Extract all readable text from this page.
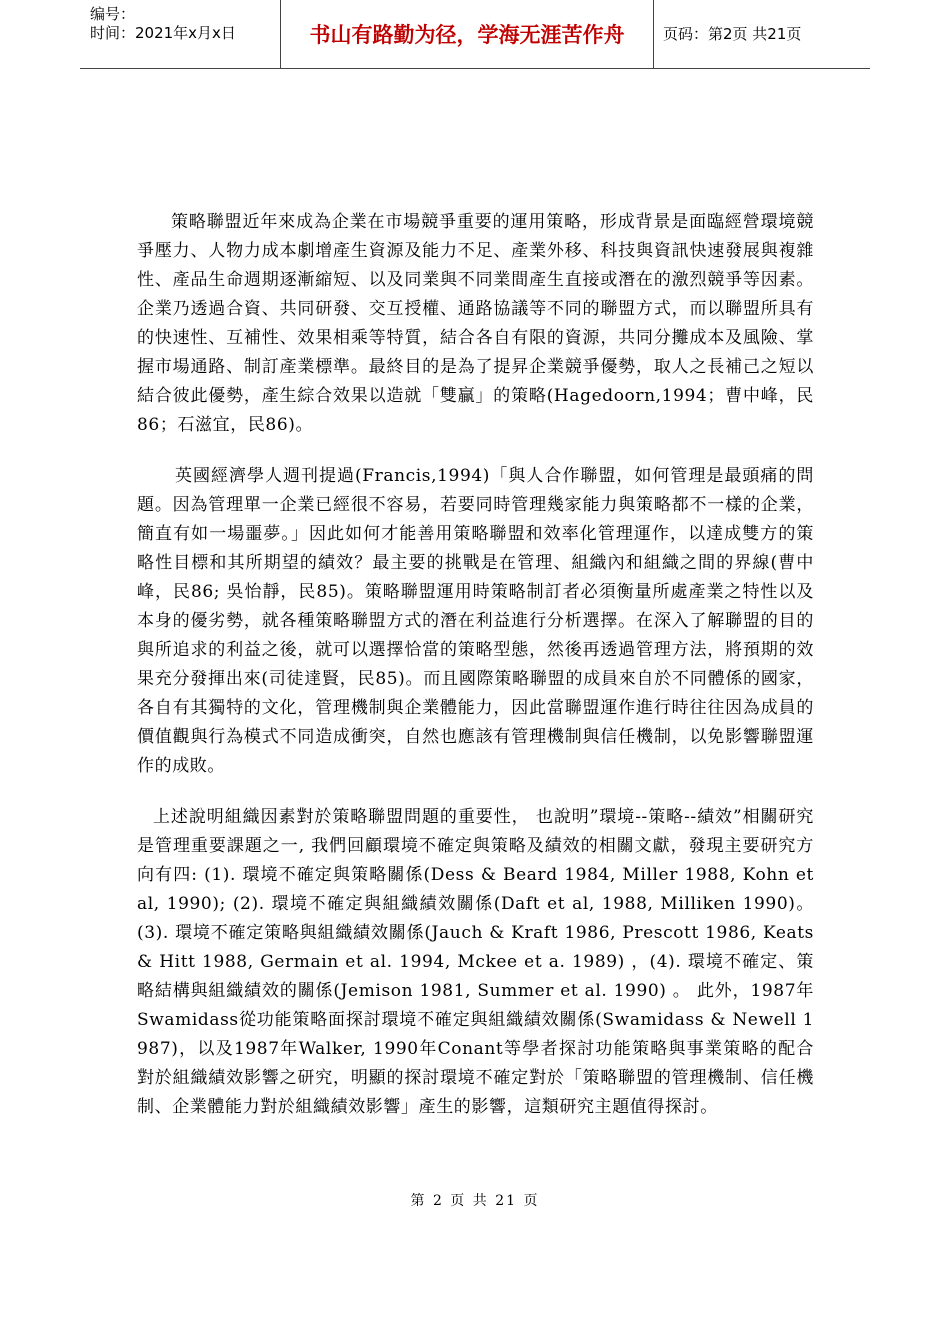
编号：
时间：2021年x月x日	书山有路勤为径，学海无涯苦作舟	页码：第2页 共21页

策略聯盟近年來成為企業在市場競爭重要的運用策略，形成背景是面臨經營環境競爭壓力、人物力成本劇增產生資源及能力不足、產業外移、科技與資訊快速發展與複雜性、產品生命週期逐漸縮短、以及同業與不同業間產生直接或潛在的激烈競爭等因素。企業乃透過合資、共同研發、交互授權、通路協議等不同的聯盟方式，而以聯盟所具有的快速性、互補性、效果相乘等特質，結合各自有限的資源，共同分攤成本及風險、掌握市場通路、制訂產業標準。最終目的是為了提昇企業競爭優勢，取人之長補己之短以結合彼此優勢，產生綜合效果以造就「雙贏」的策略(Hagedoorn,1994；曹中峰，民86；石滋宜，民86)。

英國經濟學人週刊提過(Francis,1994)「與人合作聯盟，如何管理是最頭痛的問題。因為管理單一企業已經很不容易，若要同時管理幾家能力與策略都不一樣的企業，簡直有如一場噩夢。」因此如何才能善用策略聯盟和效率化管理運作，以達成雙方的策略性目標和其所期望的績效？最主要的挑戰是在管理、組織內和組織之間的界線(曹中峰，民86; 吳怡靜，民85)。策略聯盟運用時策略制訂者必須衡量所處產業之特性以及本身的優劣勢，就各種策略聯盟方式的潛在利益進行分析選擇。在深入了解聯盟的目的與所追求的利益之後，就可以選擇恰當的策略型態，然後再透過管理方法，將預期的效果充分發揮出來(司徒達賢，民85)。而且國際策略聯盟的成員來自於不同體係的國家，各自有其獨特的文化，管理機制與企業體能力，因此當聯盟運作進行時往往因為成員的價值觀與行為模式不同造成衝突，自然也應該有管理機制與信任機制，以免影響聯盟運作的成敗。

上述說明組織因素對於策略聯盟問題的重要性， 也說明”環境--策略--績效”相關研究是管理重要課題之一, 我們回顧環境不確定與策略及績效的相關文獻，發現主要研究方向有四: (1). 環境不確定與策略關係(Dess & Beard 1984, Miller 1988, Kohn et al, 1990); (2). 環境不確定與組織績效關係(Daft et al, 1988, Milliken 1990)。(3). 環境不確定策略與組織績效關係(Jauch & Kraft 1986, Prescott 1986, Keats & Hitt 1988, Germain et al. 1994, Mckee et a. 1989) ，(4). 環境不確定、策略結構與組織績效的關係(Jemison 1981, Summer et al. 1990) 。 此外，1987年Swamidass從功能策略面探討環境不確定與組織績效關係(Swamidass & Newell 1987)，以及1987年Walker, 1990年Conant等學者探討功能策略與事業策略的配合對於組織績效影響之研究，明顯的探討環境不確定對於「策略聯盟的管理機制、信任機制、企業體能力對於組織績效影響」產生的影響，這類研究主題值得探討。

第 2 页 共 21 页
